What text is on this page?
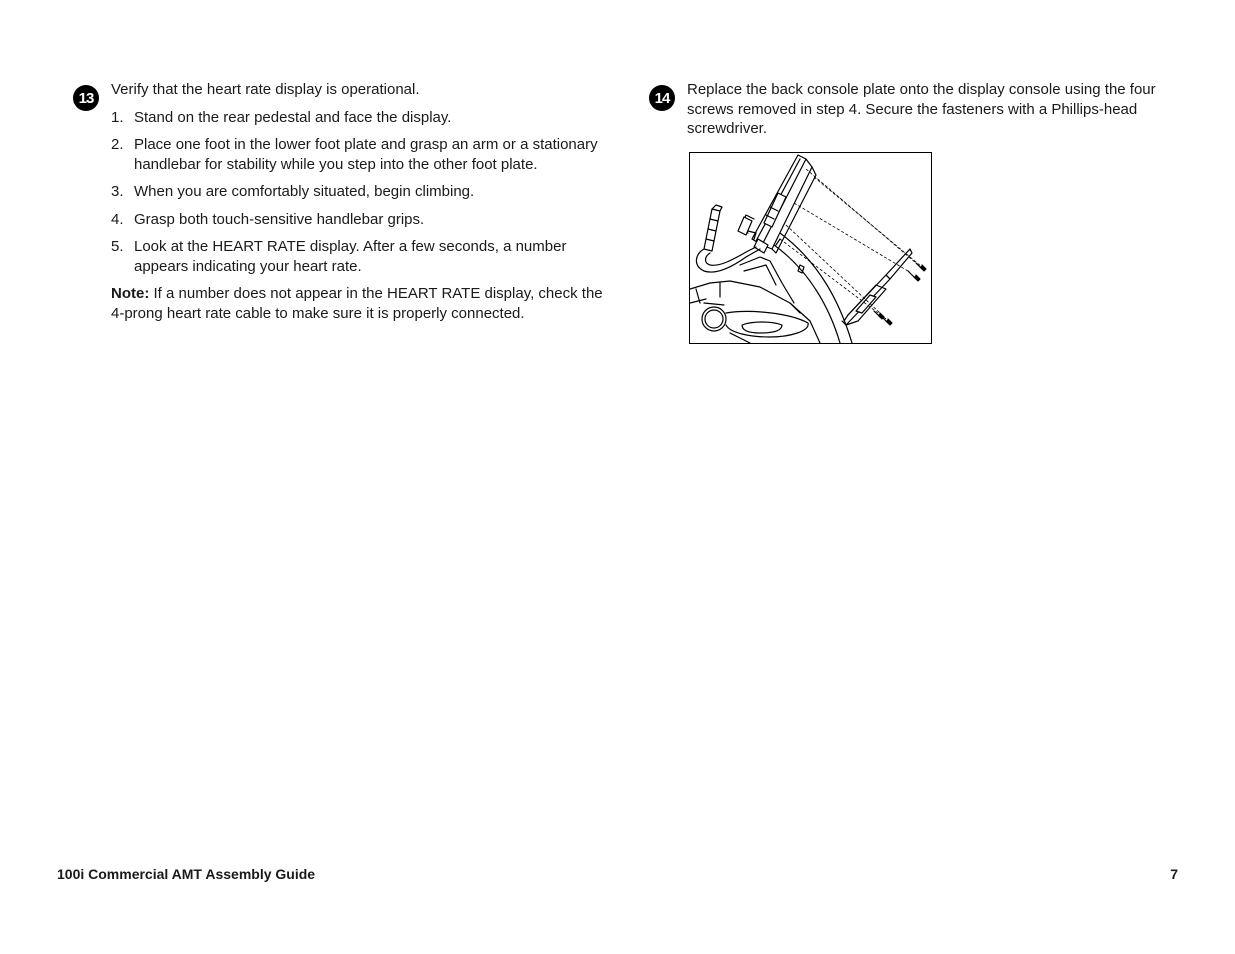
13	Verify that the heart rate display is operational.

1. Stand on the rear pedestal and face the display.
2. Place one foot in the lower foot plate and grasp an arm or a stationary handlebar for stability while you step into the other foot plate.
3. When you are comfortably situated, begin climbing.
4. Grasp both touch-sensitive handlebar grips.
5. Look at the HEART RATE display. After a few seconds, a number appears indicating your heart rate.

Note: If a number does not appear in the HEART RATE display, check the 4-prong heart rate cable to make sure it is properly connected.

14	Replace the back console plate onto the display console using the four screws removed in step 4. Secure the fasteners with a Phillips-head screwdriver.

100i Commercial AMT Assembly Guide	7
